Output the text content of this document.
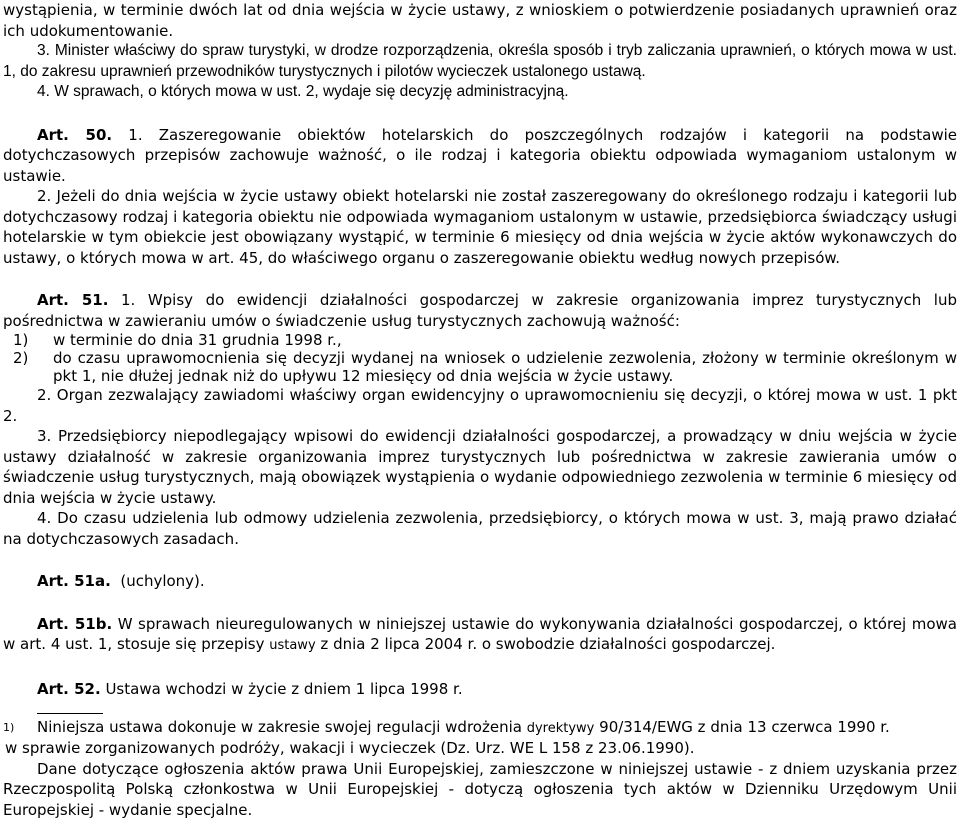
wystąpienia, w terminie dwóch lat od dnia wejścia w życie ustawy, z wnioskiem o potwierdzenie posiadanych uprawnień oraz ich udokumentowanie.

3. Minister właściwy do spraw turystyki, w drodze rozporządzenia, określa sposób i tryb zaliczania uprawnień, o których mowa w ust. 1, do zakresu uprawnień przewodników turystycznych i pilotów wycieczek ustalonego ustawą.

4. W sprawach, o których mowa w ust. 2, wydaje się decyzję administracyjną.

Art. 50. 1. Zaszeregowanie obiektów hotelarskich do poszczególnych rodzajów i kategorii na podstawie dotychczasowych przepisów zachowuje ważność, o ile rodzaj i kategoria obiektu odpowiada wymaganiom ustalonym w ustawie.

2. Jeżeli do dnia wejścia w życie ustawy obiekt hotelarski nie został zaszeregowany do określonego rodzaju i kategorii lub dotychczasowy rodzaj i kategoria obiektu nie odpowiada wymaganiom ustalonym w ustawie, przedsiębiorca świadczący usługi hotelarskie w tym obiekcie jest obowiązany wystąpić, w terminie 6 miesięcy od dnia wejścia w życie aktów wykonawczych do ustawy, o których mowa w art. 45, do właściwego organu o zaszeregowanie obiektu według nowych przepisów.

Art. 51. 1. Wpisy do ewidencji działalności gospodarczej w zakresie organizowania imprez turystycznych lub pośrednictwa w zawieraniu umów o świadczenie usług turystycznych zachowują ważność:

1)	w terminie do dnia 31 grudnia 1998 r.,
2)	do czasu uprawomocnienia się decyzji wydanej na wniosek o udzielenie zezwolenia, złożony w terminie określonym w pkt 1, nie dłużej jednak niż do upływu 12 miesięcy od dnia wejścia w życie ustawy.

2. Organ zezwalający zawiadomi właściwy organ ewidencyjny o uprawomocnieniu się decyzji, o której mowa w ust. 1 pkt 2.

3. Przedsiębiorcy niepodlegający wpisowi do ewidencji działalności gospodarczej, a prowadzący w dniu wejścia w życie ustawy działalność w zakresie organizowania imprez turystycznych lub pośrednictwa w zakresie zawierania umów o świadczenie usług turystycznych, mają obowiązek wystąpienia o wydanie odpowiedniego zezwolenia w terminie 6 miesięcy od dnia wejścia w życie ustawy.

4. Do czasu udzielenia lub odmowy udzielenia zezwolenia, przedsiębiorcy, o których mowa w ust. 3, mają prawo działać na dotychczasowych zasadach.

Art. 51a. (uchylony).

Art. 51b. W sprawach nieuregulowanych w niniejszej ustawie do wykonywania działalności gospodarczej, o której mowa w art. 4 ust. 1, stosuje się przepisy ustawy z dnia 2 lipca 2004 r. o swobodzie działalności gospodarczej.

Art. 52. Ustawa wchodzi w życie z dniem 1 lipca 1998 r.

1)	Niniejsza ustawa dokonuje w zakresie swojej regulacji wdrożenia dyrektywy 90/314/EWG z dnia 13 czerwca 1990 r.

w sprawie zorganizowanych podróży, wakacji i wycieczek (Dz. Urz. WE L 158 z 23.06.1990).

Dane dotyczące ogłoszenia aktów prawa Unii Europejskiej, zamieszczone w niniejszej ustawie - z dniem uzyskania przez Rzeczpospolitą Polską członkostwa w Unii Europejskiej - dotyczą ogłoszenia tych aktów w Dzienniku Urzędowym Unii Europejskiej - wydanie specjalne.
